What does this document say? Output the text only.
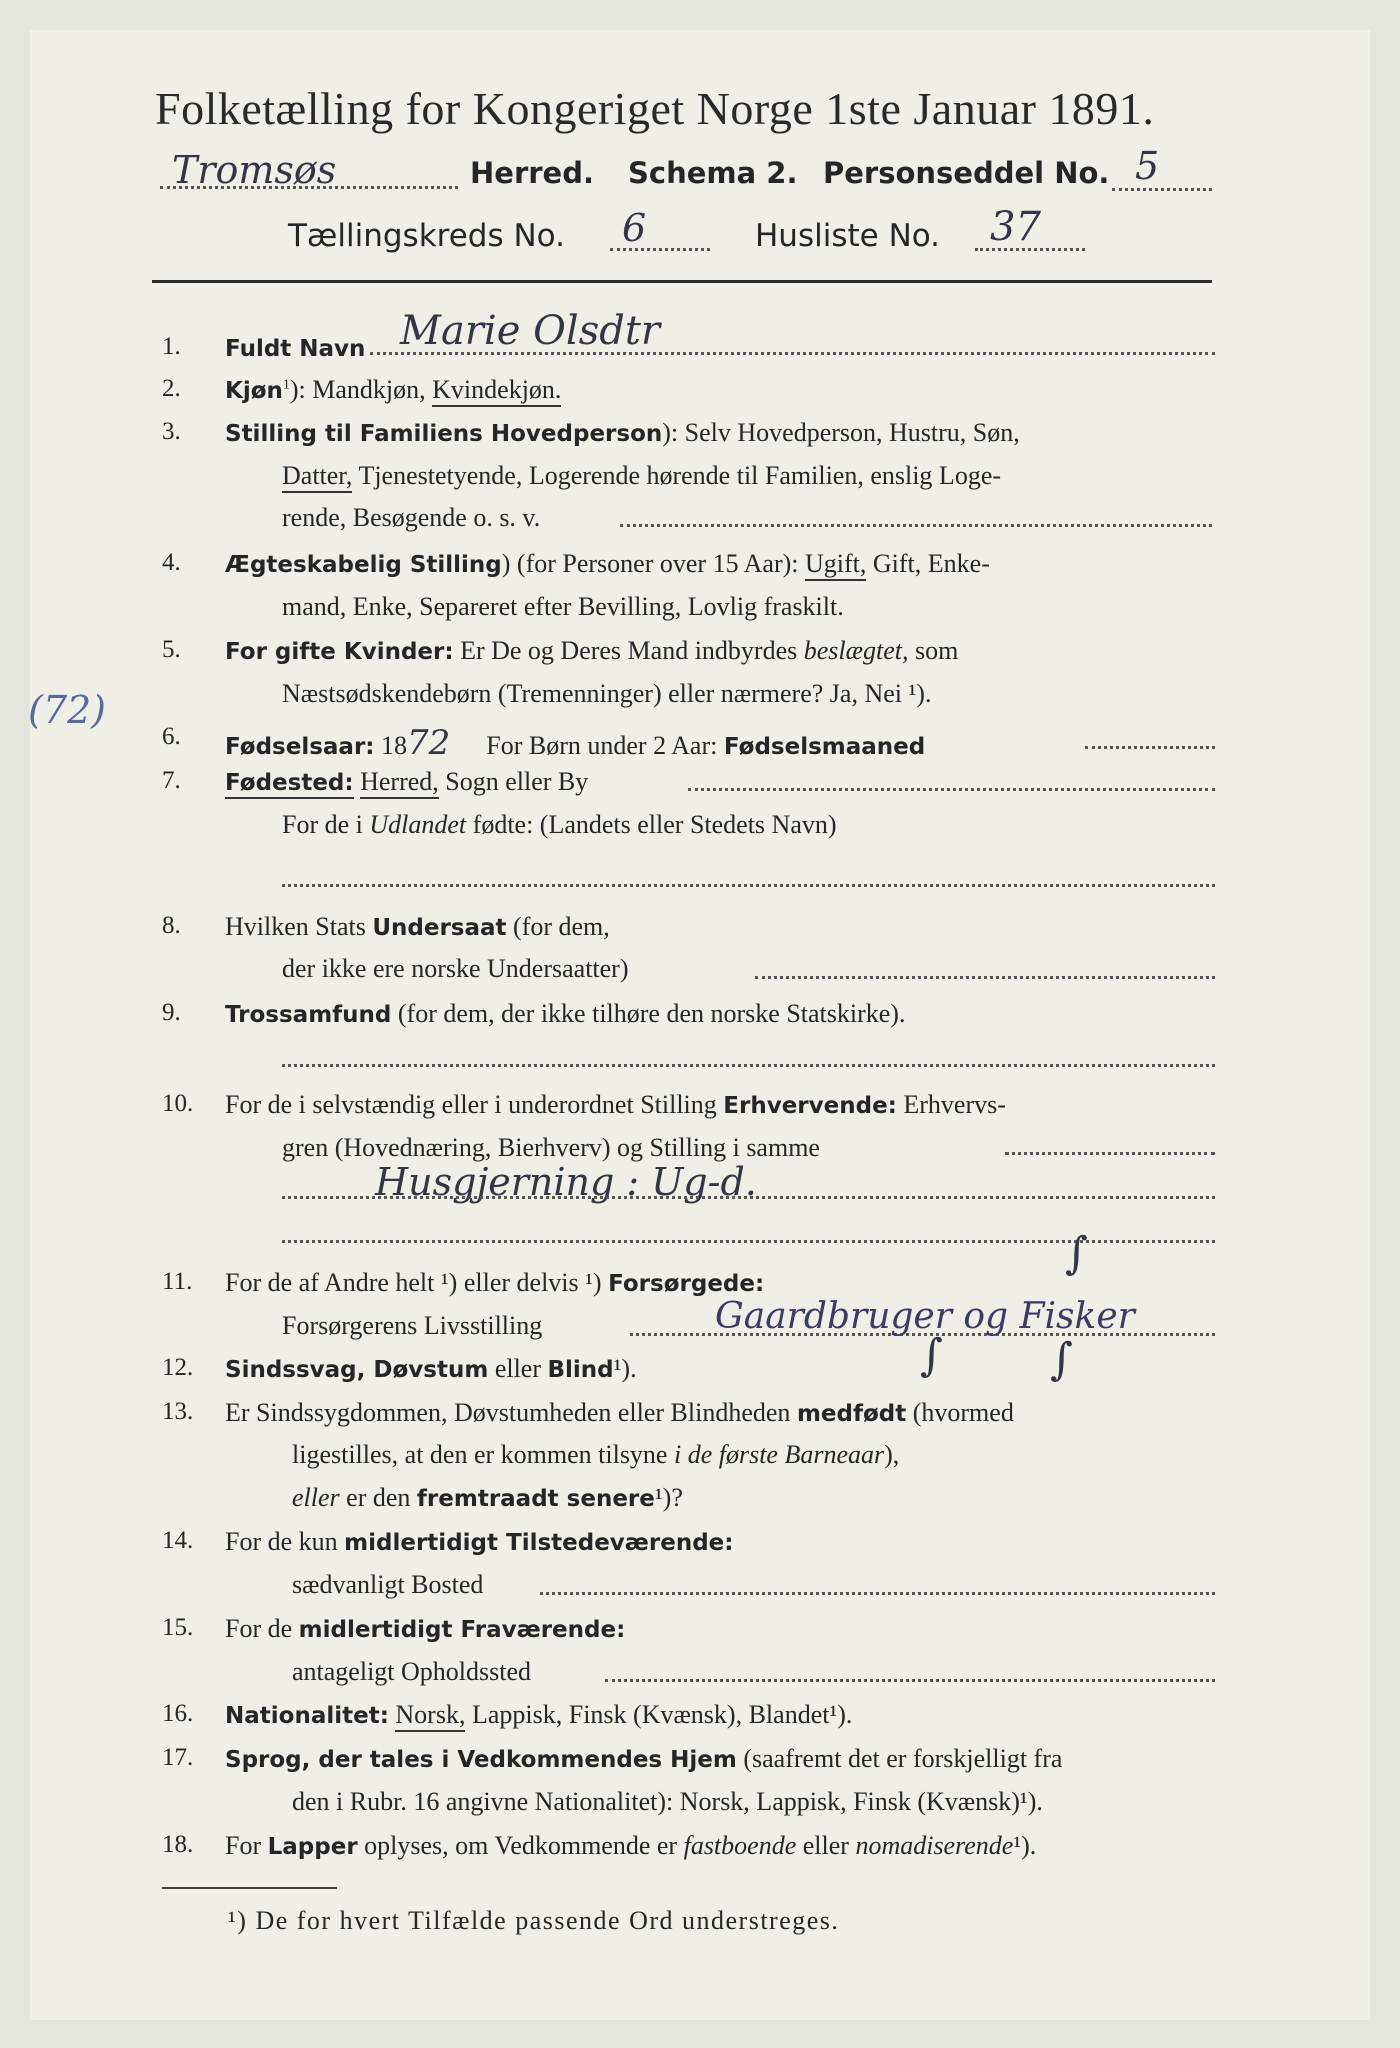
Folketælling for Kongeriget Norge 1ste Januar 1891.
Tromsøs	Herred. Schema 2. Personseddel No. 5
Tællingskreds No. 6	Husliste No. 37
(72)
1. Fuldt Navn Marie Olsdtr
2. Kjøn$^1$): Mandkjøn, Kvindekjøn.
3. Stilling til Familiens Hovedperson): Selv Hovedperson, Hustru, Søn,
Datter, Tjenestetyende, Logerende hørende til Familien, enslig Loge-
rende, Besøgende o. s. v.
4. Ægteskabelig Stilling) (for Personer over 15 Aar): Ugift, Gift, Enke-
mand, Enke, Separeret efter Bevilling, Lovlig fraskilt.
5. For gifte Kvinder: Er De og Deres Mand indbyrdes beslægtet, som
Næstsødskendebørn (Tremenninger) eller nærmere? Ja, Nei ¹).
6. Fødselsaar: 1872 For Børn under 2 Aar: Fødselsmaaned
7. Fødested: Herred, Sogn eller By
For de i Udlandet fødte: (Landets eller Stedets Navn)
8. Hvilken Stats Undersaat (for dem,
der ikke ere norske Undersaatter)
9. Trossamfund (for dem, der ikke tilhøre den norske Statskirke).
10. For de i selvstændig eller i underordnet Stilling Erhvervende: Erhvervs-
gren (Hovednæring, Bierhverv) og Stilling i samme
Husgjerning : Ug-d.
11. For de af Andre helt ¹) eller delvis ¹) Forsørgede:
∫
Forsørgerens Livsstilling	Gaardbruger og Fisker
12. Sindssvag, Døvstum eller Blind¹).	∫ ∫
13. Er Sindssygdommen, Døvstumheden eller Blindheden medfødt (hvormed
ligestilles, at den er kommen tilsyne i de første Barneaar),
eller er den fremtraadt senere¹)?
14. For de kun midlertidigt Tilstedeværende:
sædvanligt Bosted
15. For de midlertidigt Fraværende:
antageligt Opholdssted
16. Nationalitet: Norsk, Lappisk, Finsk (Kvænsk), Blandet¹).
17. Sprog, der tales i Vedkommendes Hjem (saafremt det er forskjelligt fra
den i Rubr. 16 angivne Nationalitet): Norsk, Lappisk, Finsk (Kvænsk)¹).
18. For Lapper oplyses, om Vedkommende er fastboende eller nomadiserende¹).
¹) De for hvert Tilfælde passende Ord understreges.
